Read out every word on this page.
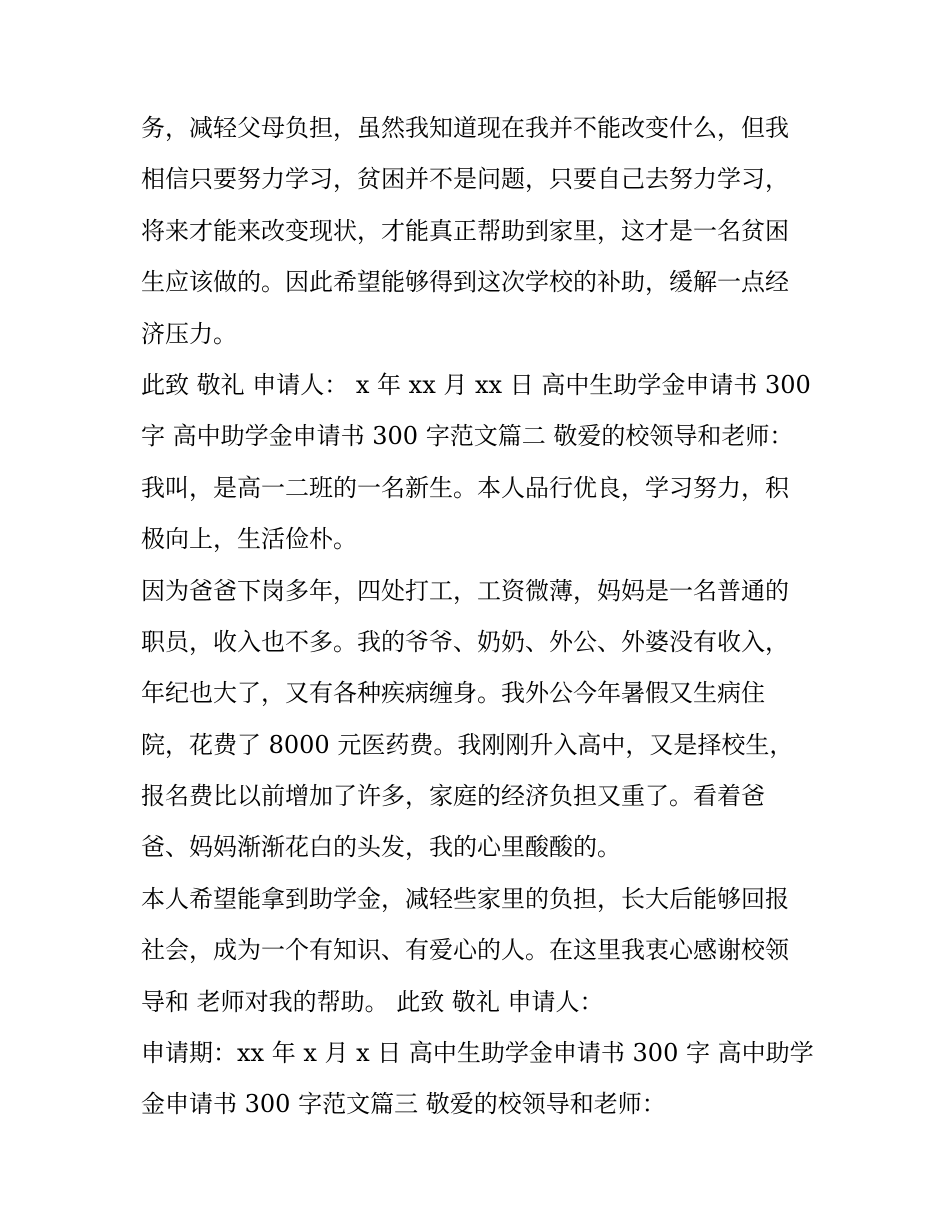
务，减轻父母负担，虽然我知道现在我并不能改变什么，但我
相信只要努力学习，贫困并不是问题，只要自己去努力学习，
将来才能来改变现状，才能真正帮助到家里，这才是一名贫困
生应该做的。因此希望能够得到这次学校的补助，缓解一点经
济压力。
此致 敬礼 申请人： x 年 xx 月 xx 日 高中生助学金申请书 300
字 高中助学金申请书 300 字范文篇二 敬爱的校领导和老师：
我叫，是高一二班的一名新生。本人品行优良，学习努力，积
极向上，生活俭朴。
因为爸爸下岗多年，四处打工，工资微薄，妈妈是一名普通的
职员，收入也不多。我的爷爷、奶奶、外公、外婆没有收入，
年纪也大了，又有各种疾病缠身。我外公今年暑假又生病住
院，花费了 8000 元医药费。我刚刚升入高中，又是择校生，
报名费比以前增加了许多，家庭的经济负担又重了。看着爸
爸、妈妈渐渐花白的头发，我的心里酸酸的。
本人希望能拿到助学金，减轻些家里的负担，长大后能够回报
社会，成为一个有知识、有爱心的人。在这里我衷心感谢校领
导和 老师对我的帮助。 此致 敬礼 申请人：
申请期：xx 年 x 月 x 日 高中生助学金申请书 300 字 高中助学
金申请书 300 字范文篇三 敬爱的校领导和老师：
